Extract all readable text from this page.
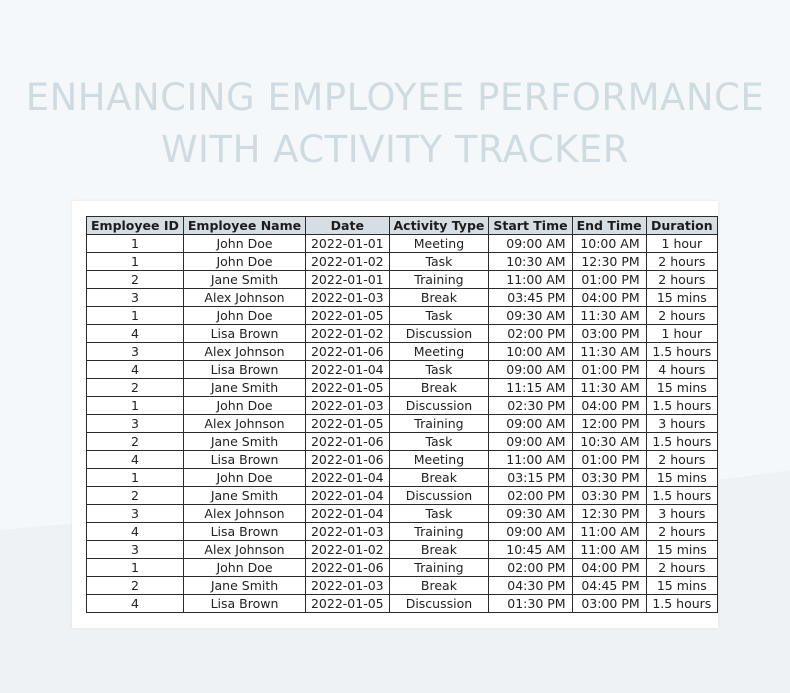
ENHANCING EMPLOYEE PERFORMANCE
WITH ACTIVITY TRACKER
Employee ID	Employee Name	Date	Activity Type	Start Time	End Time	Duration
1	John Doe	2022-01-01	Meeting	09:00 AM	10:00 AM	1 hour
1	John Doe	2022-01-02	Task	10:30 AM	12:30 PM	2 hours
2	Jane Smith	2022-01-01	Training	11:00 AM	01:00 PM	2 hours
3	Alex Johnson	2022-01-03	Break	03:45 PM	04:00 PM	15 mins
1	John Doe	2022-01-05	Task	09:30 AM	11:30 AM	2 hours
4	Lisa Brown	2022-01-02	Discussion	02:00 PM	03:00 PM	1 hour
3	Alex Johnson	2022-01-06	Meeting	10:00 AM	11:30 AM	1.5 hours
4	Lisa Brown	2022-01-04	Task	09:00 AM	01:00 PM	4 hours
2	Jane Smith	2022-01-05	Break	11:15 AM	11:30 AM	15 mins
1	John Doe	2022-01-03	Discussion	02:30 PM	04:00 PM	1.5 hours
3	Alex Johnson	2022-01-05	Training	09:00 AM	12:00 PM	3 hours
2	Jane Smith	2022-01-06	Task	09:00 AM	10:30 AM	1.5 hours
4	Lisa Brown	2022-01-06	Meeting	11:00 AM	01:00 PM	2 hours
1	John Doe	2022-01-04	Break	03:15 PM	03:30 PM	15 mins
2	Jane Smith	2022-01-04	Discussion	02:00 PM	03:30 PM	1.5 hours
3	Alex Johnson	2022-01-04	Task	09:30 AM	12:30 PM	3 hours
4	Lisa Brown	2022-01-03	Training	09:00 AM	11:00 AM	2 hours
3	Alex Johnson	2022-01-02	Break	10:45 AM	11:00 AM	15 mins
1	John Doe	2022-01-06	Training	02:00 PM	04:00 PM	2 hours
2	Jane Smith	2022-01-03	Break	04:30 PM	04:45 PM	15 mins
4	Lisa Brown	2022-01-05	Discussion	01:30 PM	03:00 PM	1.5 hours
